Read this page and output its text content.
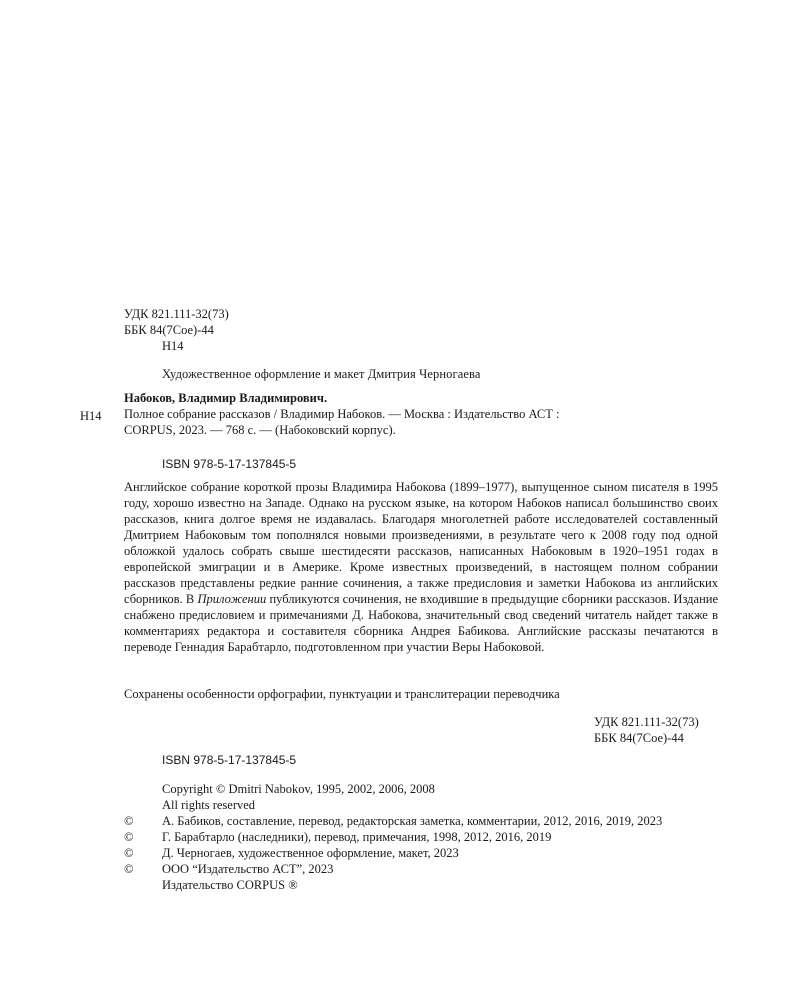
УДК 821.111-32(73)
ББК 84(7Сое)-44
Н14
Художественное оформление и макет Дмитрия Черногаева
Набоков, Владимир Владимирович.
Полное собрание рассказов / Владимир Набоков. — Москва : Издательство АСТ :
CORPUS, 2023. — 768 с. — (Набоковский корпус).
Н14
ISBN 978-5-17-137845-5

Английское собрание короткой прозы Владимира Набокова (1899–1977), выпущенное сыном писателя в 1995 году, хорошо известно на Западе. Однако на русском языке, на котором Набоков написал большинство своих рассказов, книга долгое время не издавалась. Благодаря многолетней работе исследователей составленный Дмитрием Набоковым том пополнялся новыми произведениями, в результате чего к 2008 году под одной обложкой удалось собрать свыше шестидесяти рассказов, написанных Набоковым в 1920–1951 годах в европейской эмиграции и в Америке. Кроме известных произведений, в настоящем полном собрании рассказов представлены редкие ранние сочинения, а также предисловия и заметки Набокова из английских сборников. В Приложении публикуются сочинения, не входившие в предыдущие сборники рассказов. Издание снабжено предисловием и примечаниями Д. Набокова, значительный свод сведений читатель найдет также в комментариях редактора и составителя сборника Андрея Бабикова. Английские рассказы печатаются в переводе Геннадия Барабтарло, подготовленном при участии Веры Набоковой.

Сохранены особенности орфографии, пунктуации и транслитерации переводчика
УДК 821.111-32(73)
ББК 84(7Сое)-44
ISBN 978-5-17-137845-5
Copyright © Dmitri Nabokov, 1995, 2002, 2006, 2008
All rights reserved
©	А. Бабиков, составление, перевод, редакторская заметка, комментарии, 2012, 2016, 2019, 2023
©	Г. Барабтарло (наследники), перевод, примечания, 1998, 2012, 2016, 2019
©	Д. Черногаев, художественное оформление, макет, 2023
©	ООО “Издательство АСТ”, 2023
Издательство CORPUS ®
